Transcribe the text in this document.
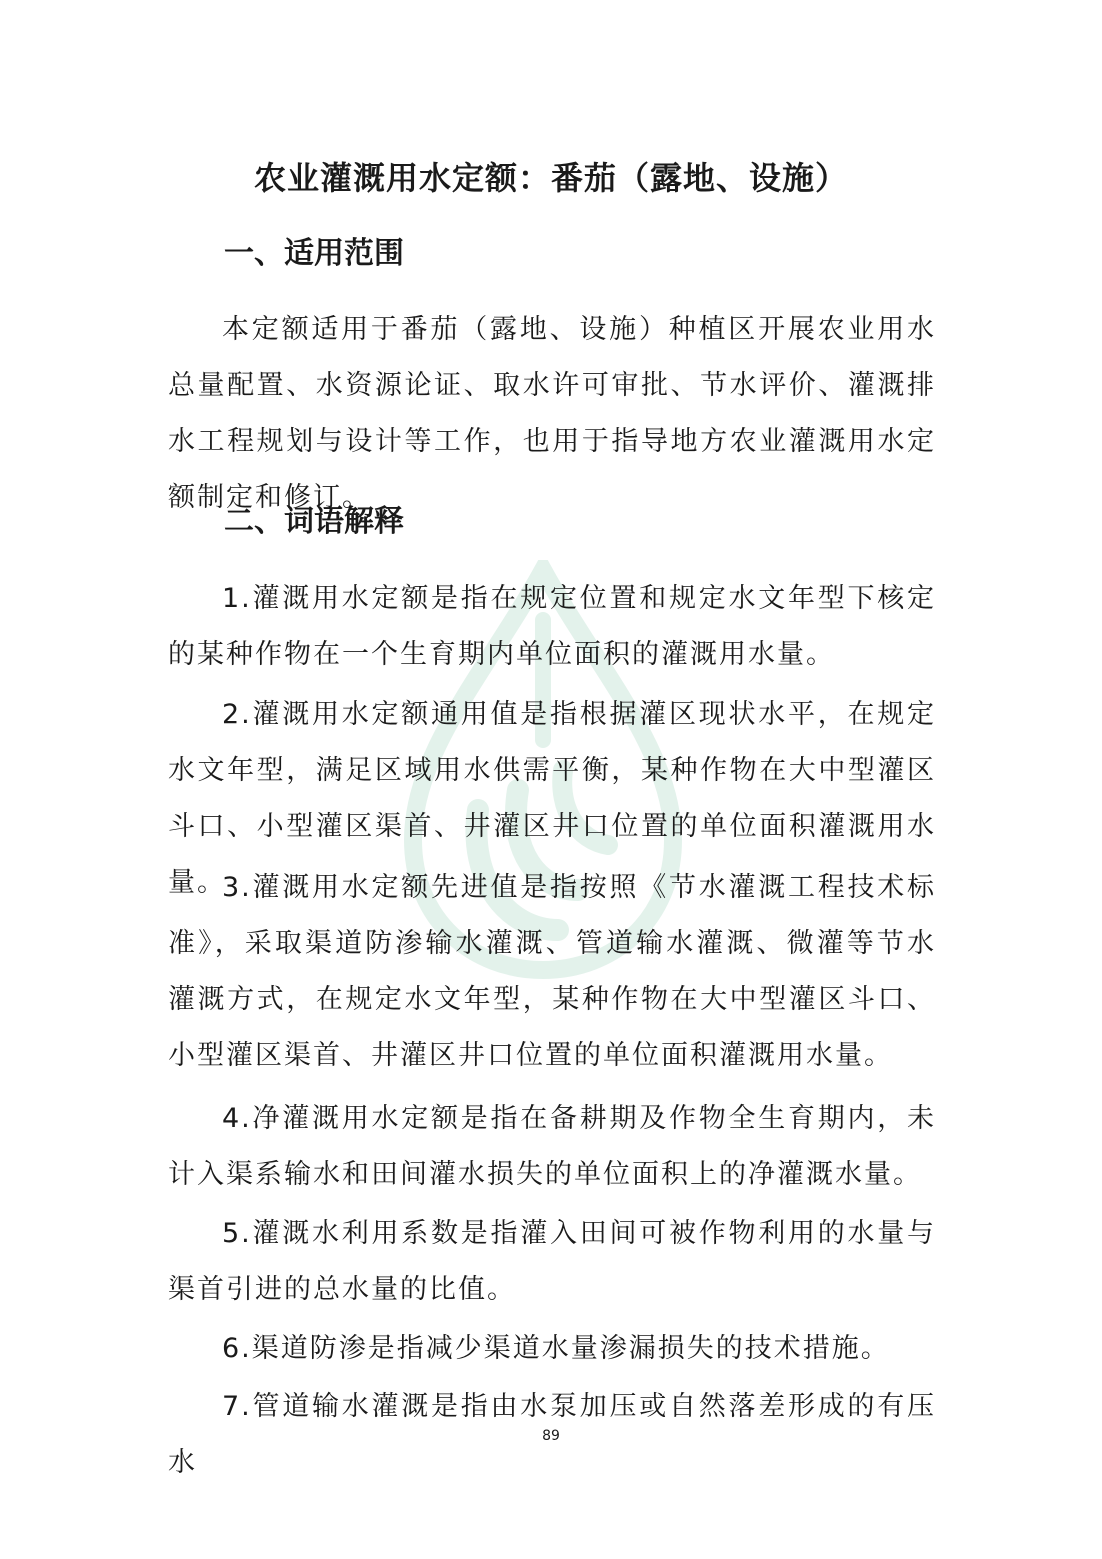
农业灌溉用水定额：番茄（露地、设施）
一、适用范围

本定额适用于番茄（露地、设施）种植区开展农业用水总量配置、水资源论证、取水许可审批、节水评价、灌溉排水工程规划与设计等工作，也用于指导地方农业灌溉用水定额制定和修订。

二、词语解释

1.灌溉用水定额是指在规定位置和规定水文年型下核定的某种作物在一个生育期内单位面积的灌溉用水量。

2.灌溉用水定额通用值是指根据灌区现状水平，在规定水文年型，满足区域用水供需平衡，某种作物在大中型灌区斗口、小型灌区渠首、井灌区井口位置的单位面积灌溉用水量。

3.灌溉用水定额先进值是指按照《节水灌溉工程技术标准》，采取渠道防渗输水灌溉、管道输水灌溉、微灌等节水灌溉方式，在规定水文年型，某种作物在大中型灌区斗口、小型灌区渠首、井灌区井口位置的单位面积灌溉用水量。

4.净灌溉用水定额是指在备耕期及作物全生育期内，未计入渠系输水和田间灌水损失的单位面积上的净灌溉水量。

5.灌溉水利用系数是指灌入田间可被作物利用的水量与渠首引进的总水量的比值。

6.渠道防渗是指减少渠道水量渗漏损失的技术措施。

7.管道输水灌溉是指由水泵加压或自然落差形成的有压水

89
